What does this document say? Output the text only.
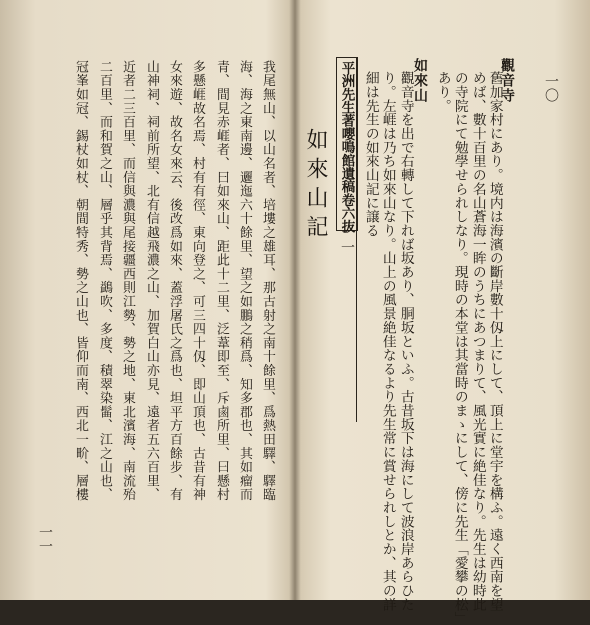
一〇
觀音寺
舊加家村にあり。境内は海濱の斷岸數十仭上にして、頂上に堂宇を構ふ。遠く西南を望
めば、數十百里の名山蒼海一眸のうちにあつまりて、風光實に絶佳なり。先生は幼時此
の寺院にて勉學せられしなり。現時の本堂は其當時のまゝにして、傍に先生「愛攀の松」
あり。
如來山
觀音寺を出で右轉して下れば坂あり、胴坂といふ。古昔坂下は海にして波浪岸あらひた
り。左崕は乃ち如來山なり。山上の風景絶佳なるより先生常に賞せられしとか、其の詳
細は先生の如來山記に譲る
平洲先生著嚶鳴館遺稿卷六抜
一
如來山記
我尾無山、以山名者、培塿之雄耳、那古射之南十餘里、爲熱田驛、驛臨
海、海之東南邊、邐迤六十餘里、望之如鵬之稍爲、知多郡也、其如瘤而
青、間見赤崕者、曰如來山、距此十二里、泛葦即至、斥鹵所里、曰懸村
多懸崕故名焉、村有有徑、東向登之、可三四十仭、即山頂也、古昔有神
女來遊、故名女來云、後改爲如來、蓋浮屠氏之爲也、坦平方百餘步、有
山神祠、祠前所望、北有信越飛濃之山、加賀白山亦見、遠者五六百里、
近者二三百里、而信與濃與尾接疆西則江勢、勢之地、東北濱海、南流殆
二百里、而和賀之山、層乎其背焉、鷁吹、多度、積翠染髷、江之山也、
冠峯如冠、錫杖如杖、朝間特秀、勢之山也、皆仰而南、西北一畍、層樓
一一
